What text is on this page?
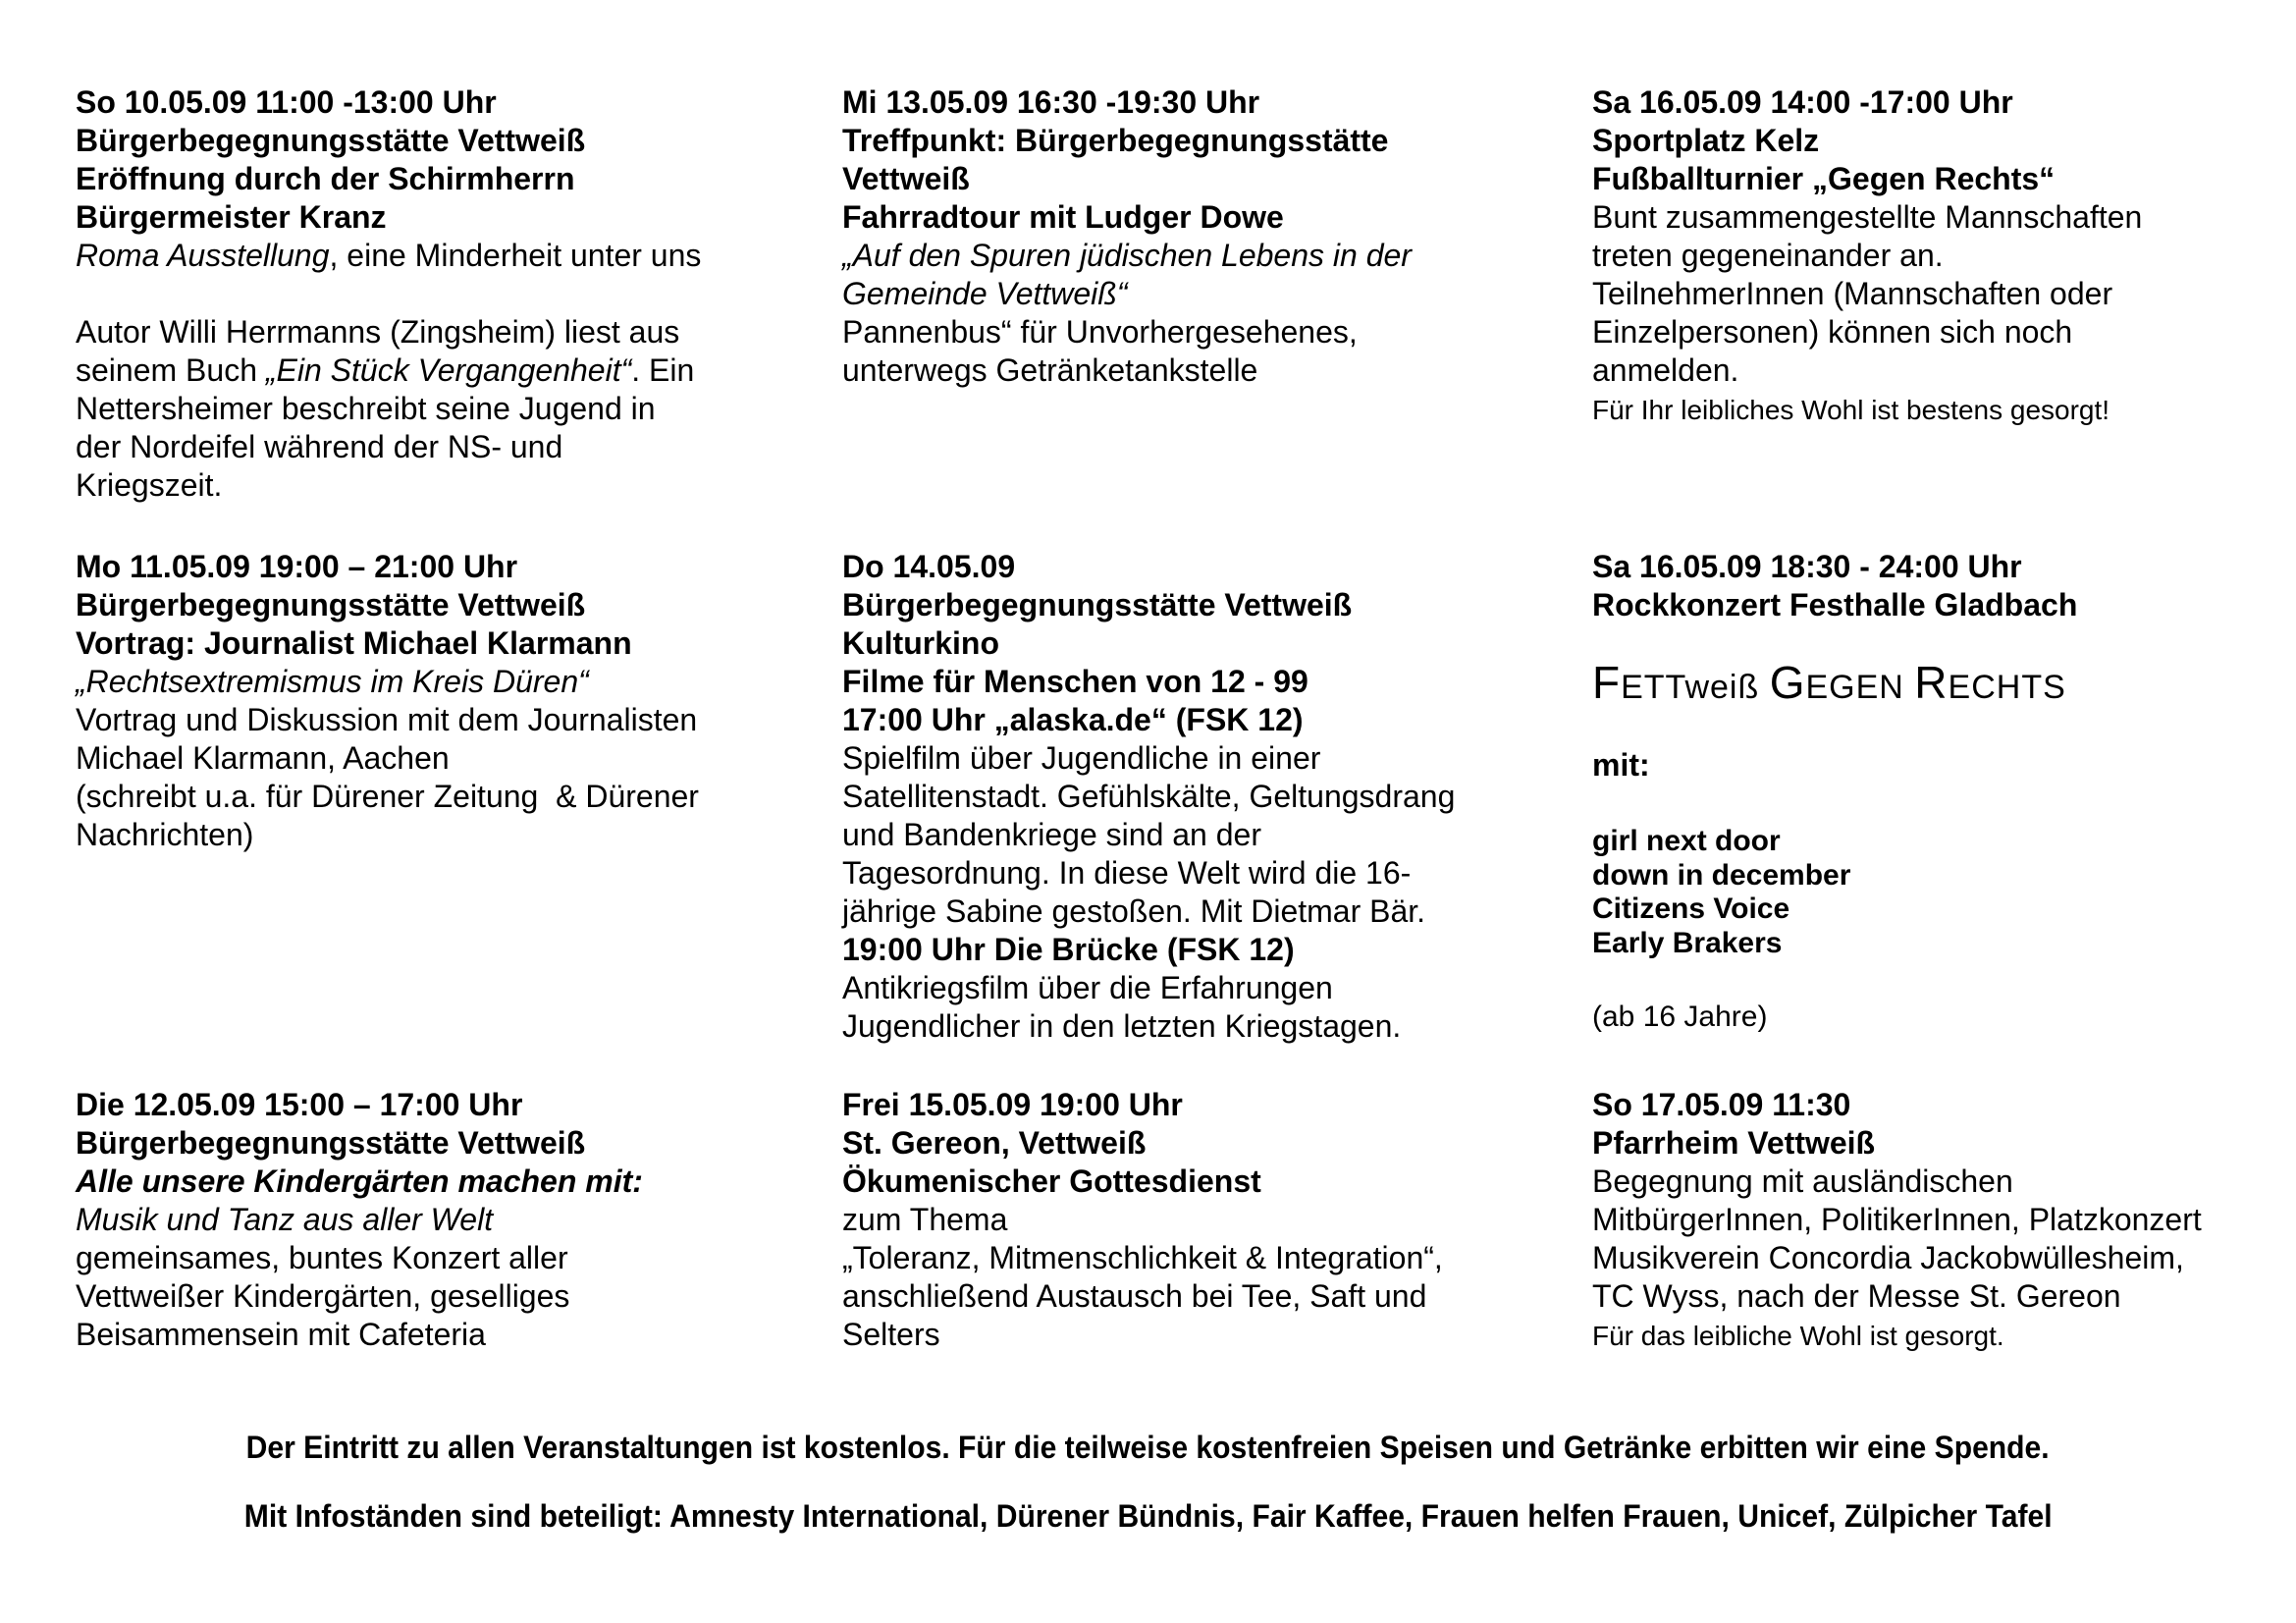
So 10.05.09 11:00 -13:00 Uhr
Bürgerbegegnungsstätte Vettweiß
Eröffnung durch der Schirmherrn
Bürgermeister Kranz
Roma Ausstellung, eine Minderheit unter uns

Autor Willi Herrmanns (Zingsheim) liest aus
seinem Buch „Ein Stück Vergangenheit“. Ein
Nettersheimer beschreibt seine Jugend in
der Nordeifel während der NS- und
Kriegszeit.
Mo 11.05.09 19:00 – 21:00 Uhr
Bürgerbegegnungsstätte Vettweiß
Vortrag: Journalist Michael Klarmann
„Rechtsextremismus im Kreis Düren“
Vortrag und Diskussion mit dem Journalisten
Michael Klarmann, Aachen
(schreibt u.a. für Dürener Zeitung  & Dürener
Nachrichten)
Die 12.05.09 15:00 – 17:00 Uhr
Bürgerbegegnungsstätte Vettweiß
Alle unsere Kindergärten machen mit:
Musik und Tanz aus aller Welt
gemeinsames, buntes Konzert aller
Vettweißer Kindergärten, geselliges
Beisammensein mit Cafeteria
Mi 13.05.09 16:30 -19:30 Uhr
Treffpunkt: Bürgerbegegnungsstätte
Vettweiß
Fahrradtour mit Ludger Dowe
„Auf den Spuren jüdischen Lebens in der
Gemeinde Vettweiß“
Pannenbus“ für Unvorhergesehenes,
unterwegs Getränketankstelle
Do 14.05.09
Bürgerbegegnungsstätte Vettweiß
Kulturkino
Filme für Menschen von 12 - 99
17:00 Uhr „alaska.de“ (FSK 12)
Spielfilm über Jugendliche in einer
Satellitenstadt. Gefühlskälte, Geltungsdrang
und Bandenkriege sind an der
Tagesordnung. In diese Welt wird die 16-
jährige Sabine gestoßen. Mit Dietmar Bär.
19:00 Uhr Die Brücke (FSK 12)
Antikriegsfilm über die Erfahrungen
Jugendlicher in den letzten Kriegstagen.
Frei 15.05.09 19:00 Uhr
St. Gereon, Vettweiß
Ökumenischer Gottesdienst
zum Thema
„Toleranz, Mitmenschlichkeit & Integration“,
anschließend Austausch bei Tee, Saft und
Selters
Sa 16.05.09 14:00 -17:00 Uhr
Sportplatz Kelz
Fußballturnier „Gegen Rechts“
Bunt zusammengestellte Mannschaften
treten gegeneinander an.
TeilnehmerInnen (Mannschaften oder
Einzelpersonen) können sich noch
anmelden.
Für Ihr leibliches Wohl ist bestens gesorgt!
Sa 16.05.09 18:30 - 24:00 Uhr
Rockkonzert Festhalle Gladbach
FETTweiß GEGEN RECHTS
mit:
girl next door
down in december
Citizens Voice
Early Brakers
(ab 16 Jahre)
So 17.05.09 11:30
Pfarrheim Vettweiß
Begegnung mit ausländischen
MitbürgerInnen, PolitikerInnen, Platzkonzert
Musikverein Concordia Jackobwüllesheim,
TC Wyss, nach der Messe St. Gereon
Für das leibliche Wohl ist gesorgt.
Der Eintritt zu allen Veranstaltungen ist kostenlos. Für die teilweise kostenfreien Speisen und Getränke erbitten wir eine Spende.
Mit Infoständen sind beteiligt: Amnesty International, Dürener Bündnis, Fair Kaffee, Frauen helfen Frauen, Unicef, Zülpicher Tafel
